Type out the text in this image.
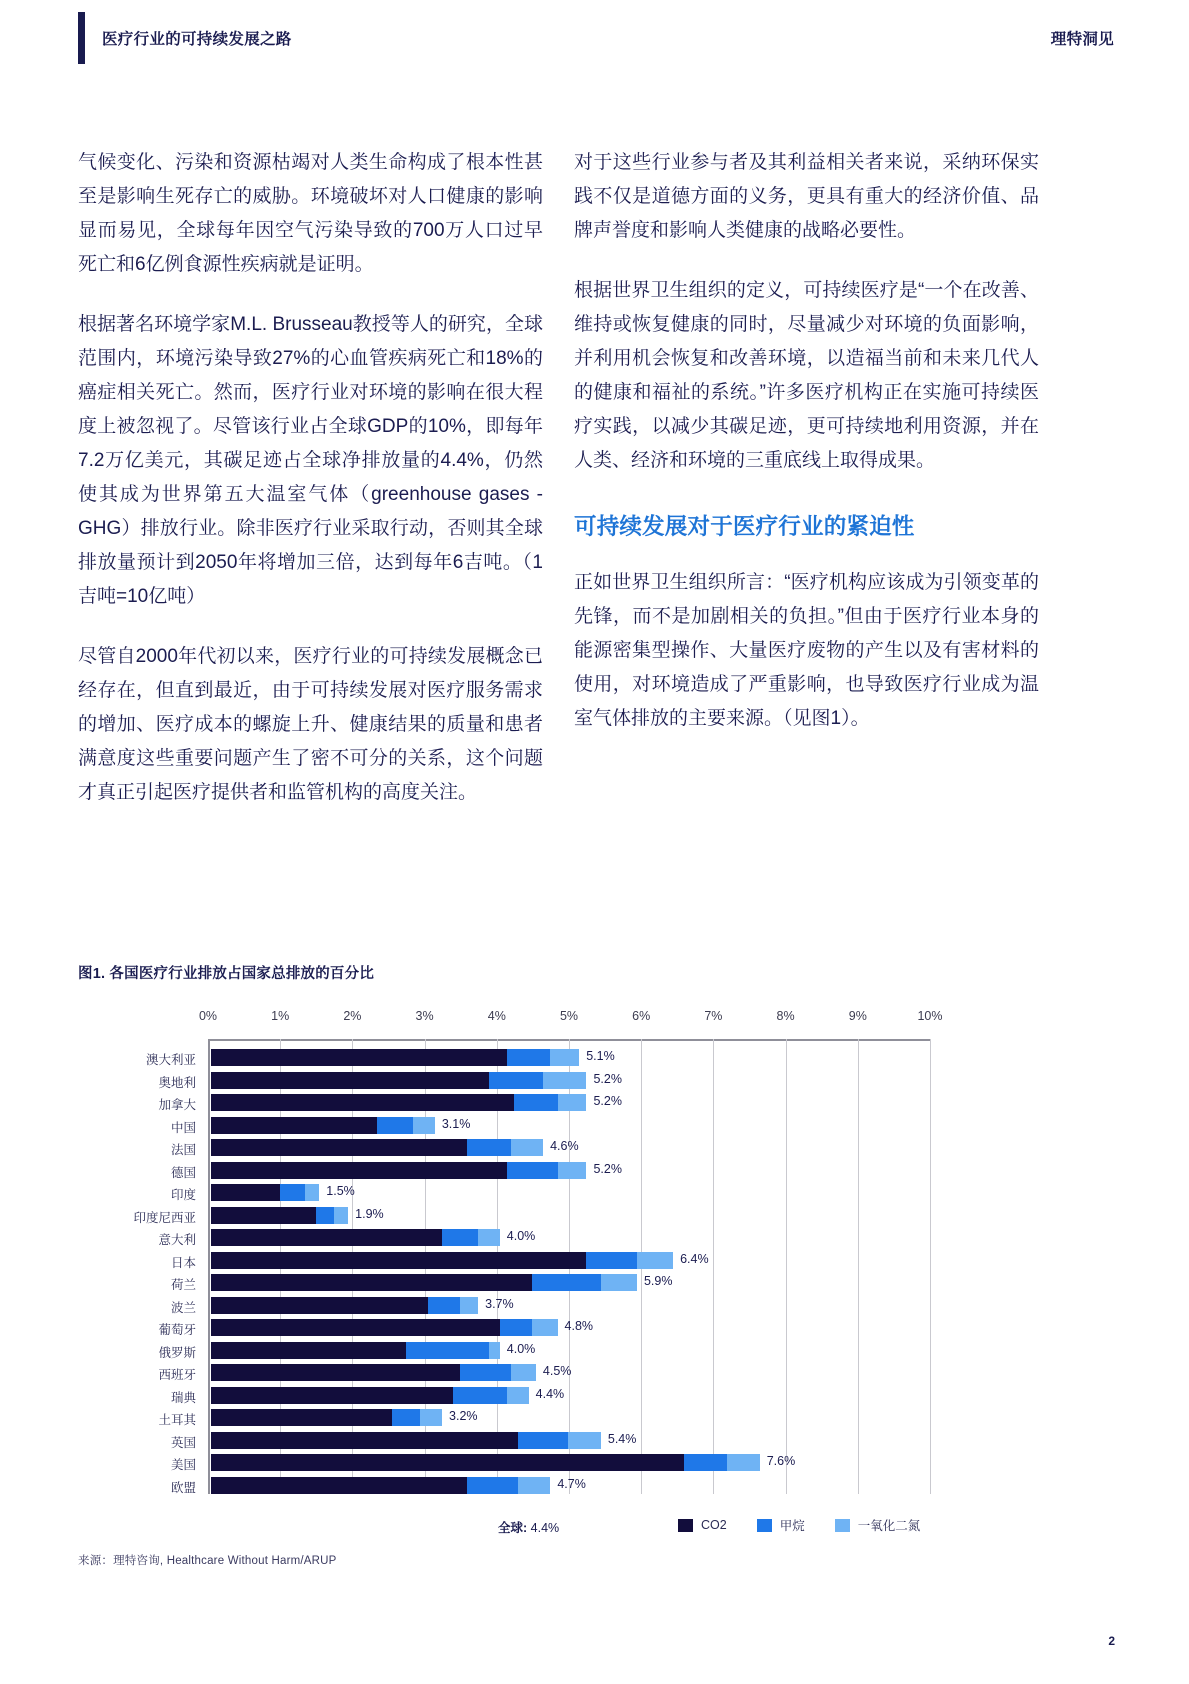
医疗行业的可持续发展之路	理特洞见

气候变化、污染和资源枯竭对人类生命构成了根本性甚至是影响生死存亡的威胁。环境破坏对人口健康的影响显而易见，全球每年因空气污染导致的700万人口过早死亡和6亿例食源性疾病就是证明。

根据著名环境学家M.L. Brusseau教授等人的研究，全球范围内，环境污染导致27%的心血管疾病死亡和18%的癌症相关死亡。然而，医疗行业对环境的影响在很大程度上被忽视了。尽管该行业占全球GDP的10%，即每年7.2万亿美元，其碳足迹占全球净排放量的4.4%，仍然使其成为世界第五大温室气体（greenhouse gases - GHG）排放行业。除非医疗行业采取行动，否则其全球排放量预计到2050年将增加三倍，达到每年6吉吨。（1吉吨=10亿吨）

尽管自2000年代初以来，医疗行业的可持续发展概念已经存在，但直到最近，由于可持续发展对医疗服务需求的增加、医疗成本的螺旋上升、健康结果的质量和患者满意度这些重要问题产生了密不可分的关系，这个问题才真正引起医疗提供者和监管机构的高度关注。

对于这些行业参与者及其利益相关者来说，采纳环保实践不仅是道德方面的义务，更具有重大的经济价值、品牌声誉度和影响人类健康的战略必要性。

根据世界卫生组织的定义，可持续医疗是“一个在改善、维持或恢复健康的同时，尽量减少对环境的负面影响，并利用机会恢复和改善环境，以造福当前和未来几代人的健康和福祉的系统。”许多医疗机构正在实施可持续医疗实践，以减少其碳足迹，更可持续地利用资源，并在人类、经济和环境的三重底线上取得成果。

可持续发展对于医疗行业的紧迫性

正如世界卫生组织所言：“医疗机构应该成为引领变革的先锋，而不是加剧相关的负担。”但由于医疗行业本身的能源密集型操作、大量医疗废物的产生以及有害材料的使用，对环境造成了严重影响，也导致医疗行业成为温室气体排放的主要来源。（见图1）。

图1. 各国医疗行业排放占国家总排放的百分比
0%	1%	2%	3%	4%	5%	6%	7%	8%	9%	10%
澳大利亚	5.1%
奥地利	5.2%
加拿大	5.2%
中国	3.1%
法国	4.6%
德国	5.2%
印度	1.5%
印度尼西亚	1.9%
意大利	4.0%
日本	6.4%
荷兰	5.9%
波兰	3.7%
葡萄牙	4.8%
俄罗斯	4.0%
西班牙	4.5%
瑞典	4.4%
土耳其	3.2%
英国	5.4%
美国	7.6%
欧盟	4.7%
全球: 4.4%	CO2	甲烷	一氧化二氮
来源：理特咨询, Healthcare Without Harm/ARUP
2
